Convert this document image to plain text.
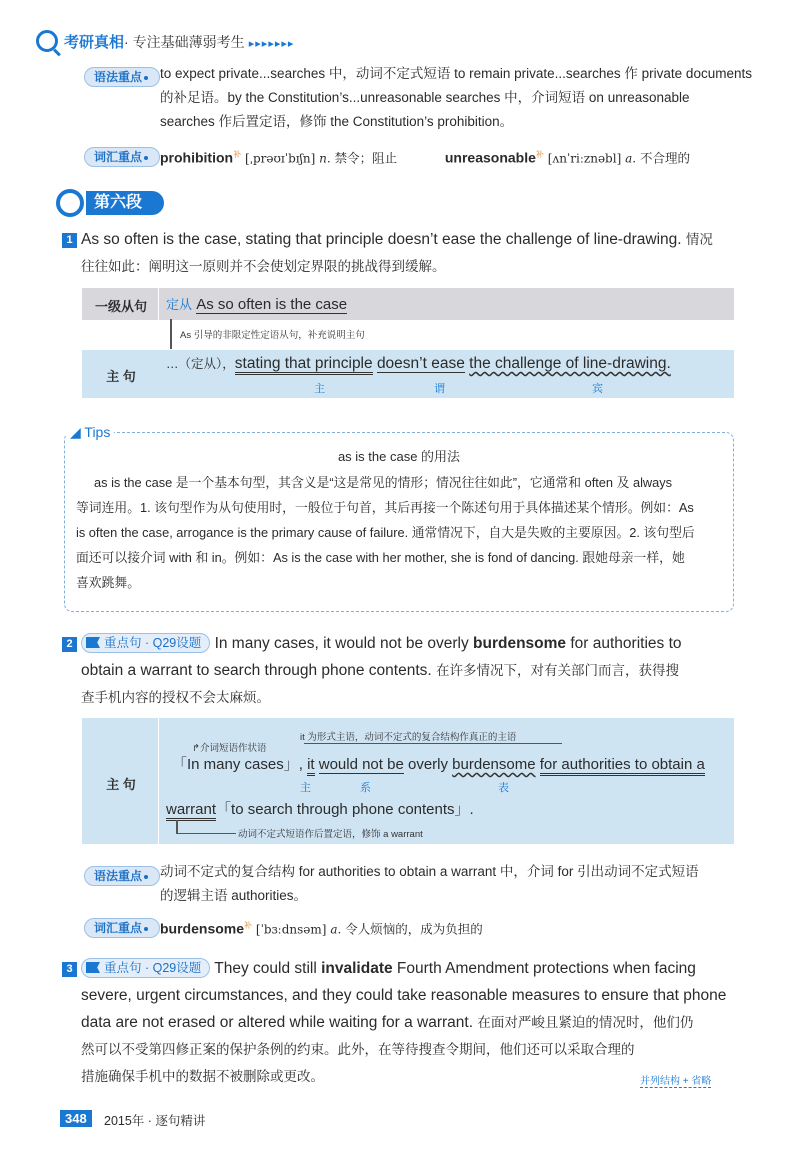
考研真相· 专注基础薄弱考生 ▸▸▸▸▸▸▸
语法重点	to expect private...searches 中，动词不定式短语 to remain private...searches 作 private documents
的补足语。by the Constitution’s...unreasonable searches 中，介词短语 on unreasonable
searches 作后置定语，修饰 the Constitution’s prohibition。
词汇重点	prohibition$^补$ [ˌprəʊɪˈbɪʃn] n. 禁令；阻止	unreasonable$^补$ [ʌnˈriːznəbl] a. 不合理的
第六段
1 As so often is the case, stating that principle doesn’t ease the challenge of line-drawing. 情况
往往如此：阐明这一原则并不会使划定界限的挑战得到缓解。
一级从句	定从 As so often is the case
As 引导的非限定性定语从句，补充说明主句
主 句
…（定从），stating that principle doesn’t ease the challenge of line-drawing.
主	谓	宾
◢ Tips
as is the case 的用法
as is the case 是一个基本句型，其含义是“这是常见的情形；情况往往如此”，它通常和 often 及 always
等词连用。1. 该句型作为从句使用时，一般位于句首，其后再接一个陈述句用于具体描述某个情形。例如：As
is often the case, arrogance is the primary cause of failure. 通常情况下，自大是失败的主要原因。2. 该句型后
面还可以接介词 with 和 in。例如：As is the case with her mother, she is fond of dancing. 跟她母亲一样，她
喜欢跳舞。
2	重点句 · Q29设题 In many cases, it would not be overly burdensome for authorities to
obtain a warrant to search through phone contents. 在许多情况下，对有关部门而言，获得搜
查手机内容的授权不会太麻烦。
主 句
↱介词短语作状语
it 为形式主语，动词不定式的复合结构作真正的主语
「In many cases」, it would not be overly burdensome for authorities to obtain a
主	系	表
warrant「to search through phone contents」.
动词不定式短语作后置定语，修饰 a warrant
语法重点	动词不定式的复合结构 for authorities to obtain a warrant 中，介词 for 引出动词不定式短语
的逻辑主语 authorities。
词汇重点	burdensome$^补$ [ˈbɜːdnsəm] a. 令人烦恼的，成为负担的
3	重点句 · Q29设题 They could still invalidate Fourth Amendment protections when facing
severe, urgent circumstances, and they could take reasonable measures to ensure that phone
data are not erased or altered while waiting for a warrant. 在面对严峻且紧迫的情况时，他们仍
然可以不受第四修正案的保护条例的约束。此外，在等待搜查令期间，他们还可以采取合理的
措施确保手机中的数据不被删除或更改。	并列结构 + 省略
348	2015年 · 逐句精讲
